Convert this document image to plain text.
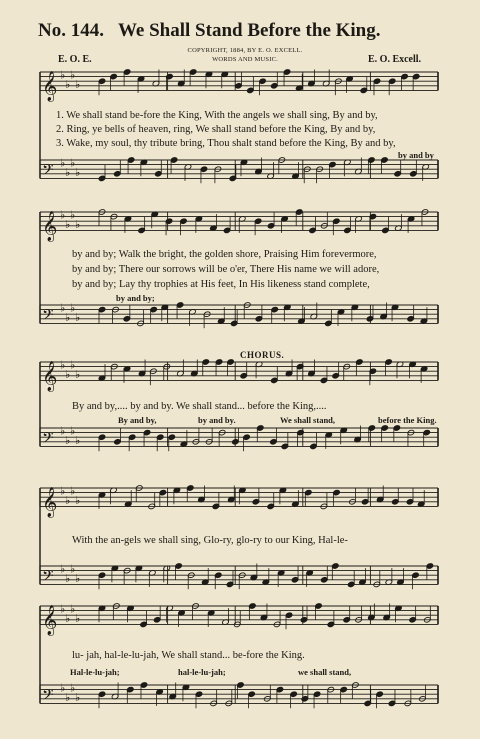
No. 144. We Shall Stand Before the King.
E. O. E.
COPYRIGHT, 1884, BY E. O. EXCELL.
WORDS AND MUSIC.	E. O. Excell.
𝄞 ♭
♭
♭
♭
𝄢 ♭
♭
♭
♭
𝄞 ♭
♭
♭
♭
𝄢 ♭
♭
♭
♭
𝄞 ♭
♭
♭
♭
𝄢 ♭
♭
♭
♭
𝄞 ♭
♭
♭
♭
𝄢 ♭
♭
♭
♭
𝄞 ♭
♭
♭
♭
𝄢 ♭
♭
♭
♭
1. We shall stand be-fore the King, With the angels we shall sing, By and by,
2. Ring, ye bells of heaven, ring, We shall stand before the King, By and by,
3. Wake, my soul, thy tribute bring, Thou shalt stand before the King, By and by,
by and by
by and by; Walk the bright, the golden shore, Praising Him forevermore,
by and by; There our sorrows will be o'er, There His name we will adore,
by and by; Lay thy trophies at His feet, In His likeness stand complete,
by and by;
CHORUS.
By and by,.... by and by. We shall stand... before the King,....
By and by,	by and by.	We shall stand,	before the King.
With the an-gels we shall sing, Glo-ry, glo-ry to our King, Hal-le-
lu- jah, hal-le-lu-jah, We shall stand... be-fore the King.
Hal-le-lu-jah;	hal-le-lu-jah;	we shall stand,
